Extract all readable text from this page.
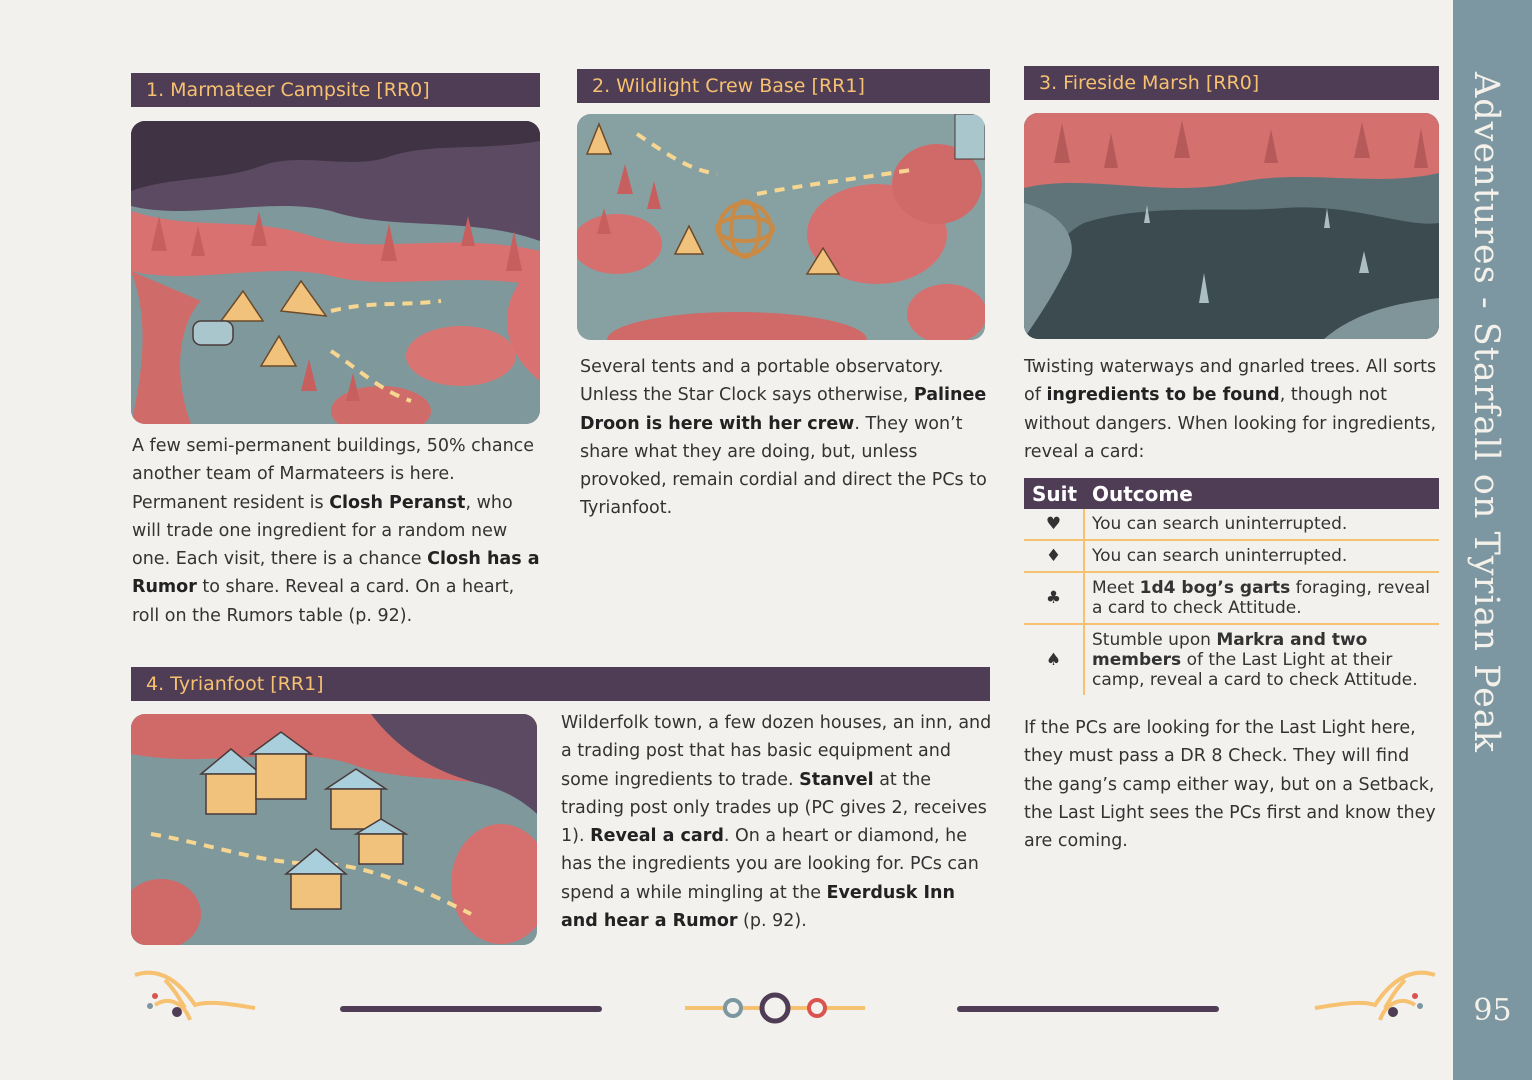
1. Marmateer Campsite [RR0]
A few semi-permanent buildings, 50% chance another team of Marmateers is here. Permanent resident is Closh Peranst, who will trade one ingredient for a random new one. Each visit, there is a chance Closh has a Rumor to share. Reveal a card. On a heart, roll on the Rumors table (p. 92).
2. Wildlight Crew Base [RR1]
Several tents and a portable observatory. Unless the Star Clock says otherwise, Palinee Droon is here with her crew. They won’t share what they are doing, but, unless provoked, remain cordial and direct the PCs to Tyrianfoot.
3. Fireside Marsh [RR0]
Twisting waterways and gnarled trees. All sorts of ingredients to be found, though not without dangers. When looking for ingredients, reveal a card:
Suit	Outcome
♥	You can search uninterrupted.
♦	You can search uninterrupted.
♣	Meet 1d4 bog’s garts foraging, reveal a card to check Attitude.
♠	Stumble upon Markra and two members of the Last Light at their camp, reveal a card to check Attitude.
If the PCs are looking for the Last Light here, they must pass a DR 8 Check. They will find the gang’s camp either way, but on a Setback, the Last Light sees the PCs first and know they are coming.
4. Tyrianfoot [RR1]
Wilderfolk town, a few dozen houses, an inn, and a trading post that has basic equipment and some ingredients to trade. Stanvel at the trading post only trades up (PC gives 2, receives 1). Reveal a card. On a heart or diamond, he has the ingredients you are looking for. PCs can spend a while mingling at the Everdusk Inn and hear a Rumor (p. 92).
Adventures - Starfall on Tyrian Peak
95
